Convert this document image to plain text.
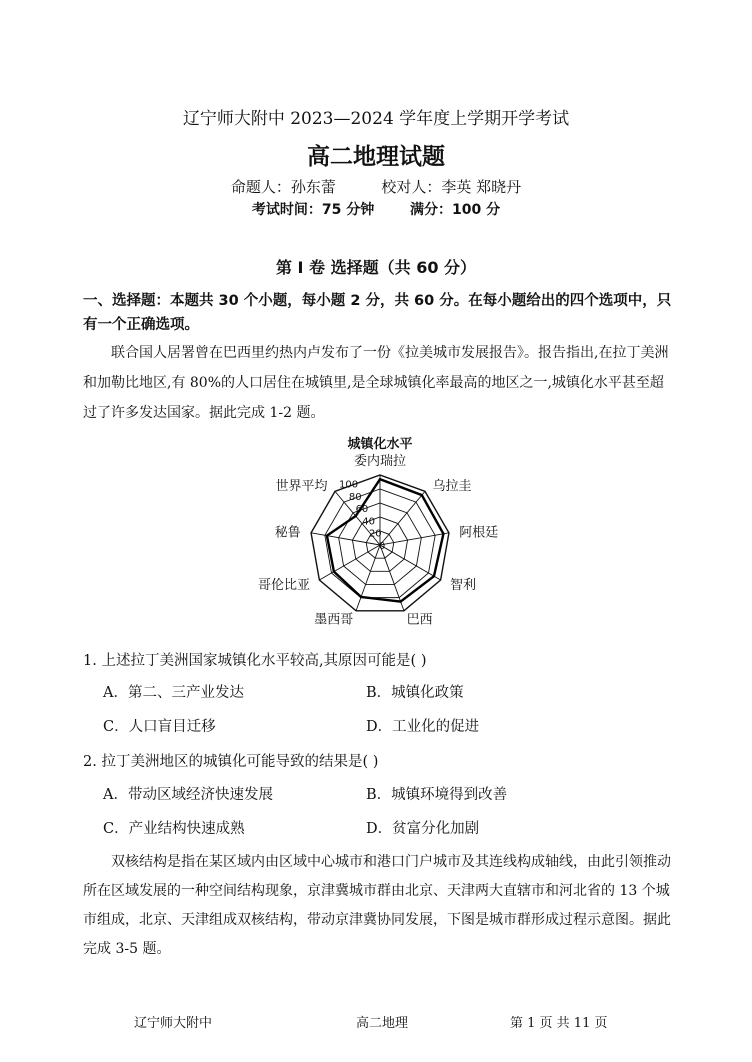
辽宁师大附中 2023—2024 学年度上学期开学考试
高二地理试题
命题人：孙东蕾	校对人：李英 郑晓丹
考试时间：75 分钟	满分：100 分
第 Ⅰ 卷 选择题（共 60 分）
一、选择题：本题共 30 个小题，每小题 2 分，共 60 分。在每小题给出的四个选项中，只有一个正确选项。
联合国人居署曾在巴西里约热内卢发布了一份《拉美城市发展报告》。报告指出,在拉丁美洲和加勒比地区,有 80%的人口居住在城镇里,是全球城镇化率最高的地区之一,城镇化水平甚至超过了许多发达国家。据此完成 1-2 题。
0
20
40
60
80
100
委内瑞拉
乌拉圭
阿根廷
智利
巴西
墨西哥
哥伦比亚
秘鲁
世界平均
城镇化水平
1. 上述拉丁美洲国家城镇化水平较高,其原因可能是( )
A．第二、三产业发达	B．城镇化政策
C．人口盲目迁移	D．工业化的促进
2. 拉丁美洲地区的城镇化可能导致的结果是( )
A．带动区域经济快速发展	B．城镇环境得到改善
C．产业结构快速成熟	D．贫富分化加剧
双核结构是指在某区域内由区域中心城市和港口门户城市及其连线构成轴线，由此引领推动所在区域发展的一种空间结构现象，京津冀城市群由北京、天津两大直辖市和河北省的 13 个城市组成，北京、天津组成双核结构，带动京津冀协同发展，下图是城市群形成过程示意图。据此完成 3-5 题。
辽宁师大附中	高二地理	第 1 页 共 11 页
